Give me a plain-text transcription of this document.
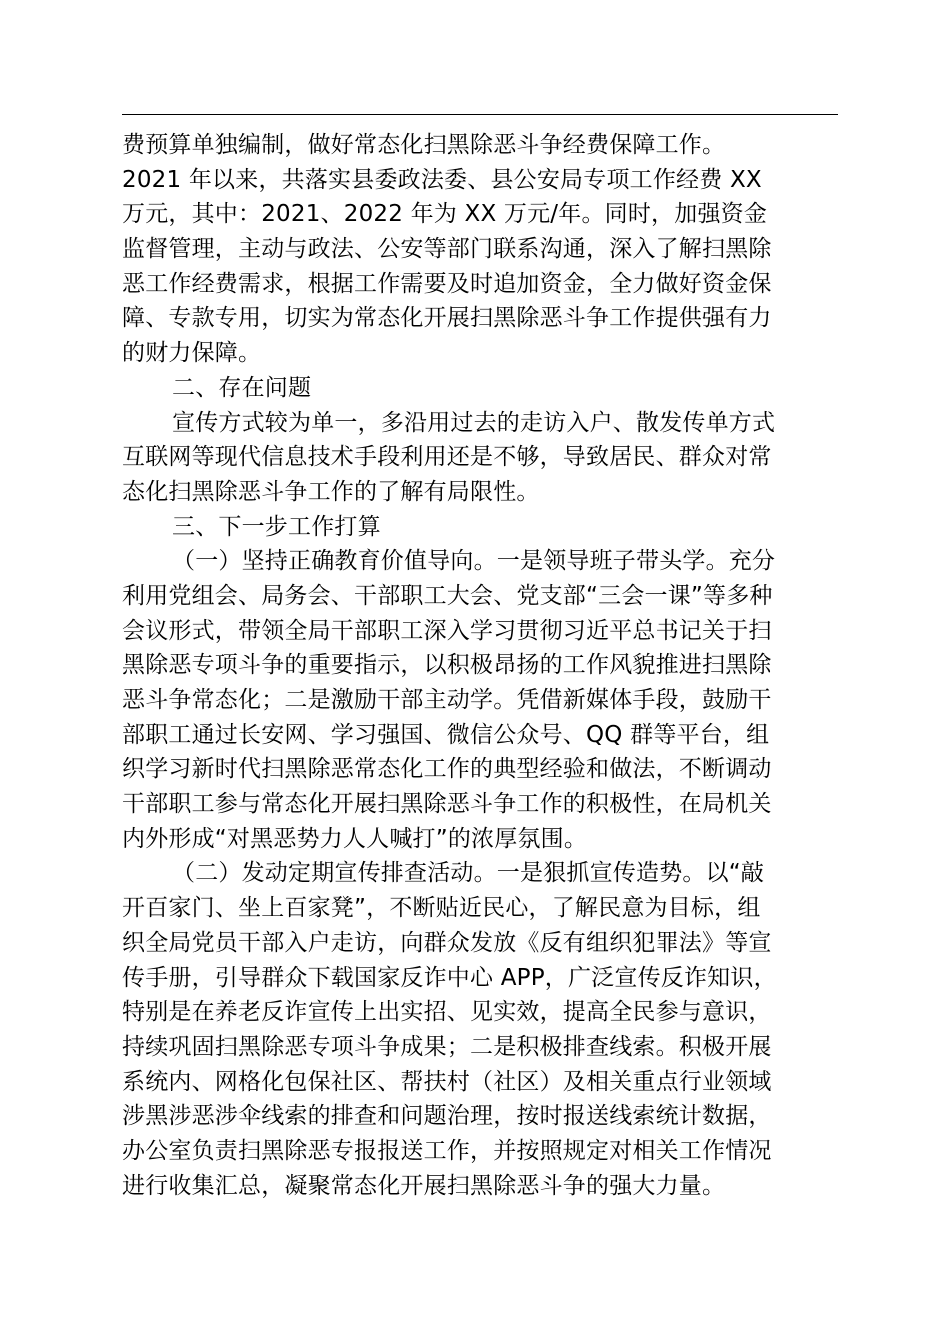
费预算单独编制，做好常态化扫黑除恶斗争经费保障工作。
2021 年以来，共落实县委政法委、县公安局专项工作经费 XX
万元，其中：2021、2022 年为 XX 万元/年。同时，加强资金
监督管理，主动与政法、公安等部门联系沟通，深入了解扫黑除
恶工作经费需求，根据工作需要及时追加资金，全力做好资金保
障、专款专用，切实为常态化开展扫黑除恶斗争工作提供强有力
的财力保障。
二、存在问题
宣传方式较为单一，多沿用过去的走访入户、散发传单方式
互联网等现代信息技术手段利用还是不够，导致居民、群众对常
态化扫黑除恶斗争工作的了解有局限性。
三、下一步工作打算
（一）坚持正确教育价值导向。一是领导班子带头学。充分
利用党组会、局务会、干部职工大会、党支部“三会一课”等多种
会议形式，带领全局干部职工深入学习贯彻习近平总书记关于扫
黑除恶专项斗争的重要指示，以积极昂扬的工作风貌推进扫黑除
恶斗争常态化；二是激励干部主动学。凭借新媒体手段，鼓励干
部职工通过长安网、学习强国、微信公众号、QQ 群等平台，组
织学习新时代扫黑除恶常态化工作的典型经验和做法，不断调动
干部职工参与常态化开展扫黑除恶斗争工作的积极性，在局机关
内外形成“对黑恶势力人人喊打”的浓厚氛围。
（二）发动定期宣传排查活动。一是狠抓宣传造势。以“敲
开百家门、坐上百家凳”，不断贴近民心，了解民意为目标，组
织全局党员干部入户走访，向群众发放《反有组织犯罪法》等宣
传手册，引导群众下载国家反诈中心 APP，广泛宣传反诈知识，
特别是在养老反诈宣传上出实招、见实效，提高全民参与意识，
持续巩固扫黑除恶专项斗争成果；二是积极排查线索。积极开展
系统内、网格化包保社区、帮扶村（社区）及相关重点行业领域
涉黑涉恶涉伞线索的排查和问题治理，按时报送线索统计数据，
办公室负责扫黑除恶专报报送工作，并按照规定对相关工作情况
进行收集汇总，凝聚常态化开展扫黑除恶斗争的强大力量。
